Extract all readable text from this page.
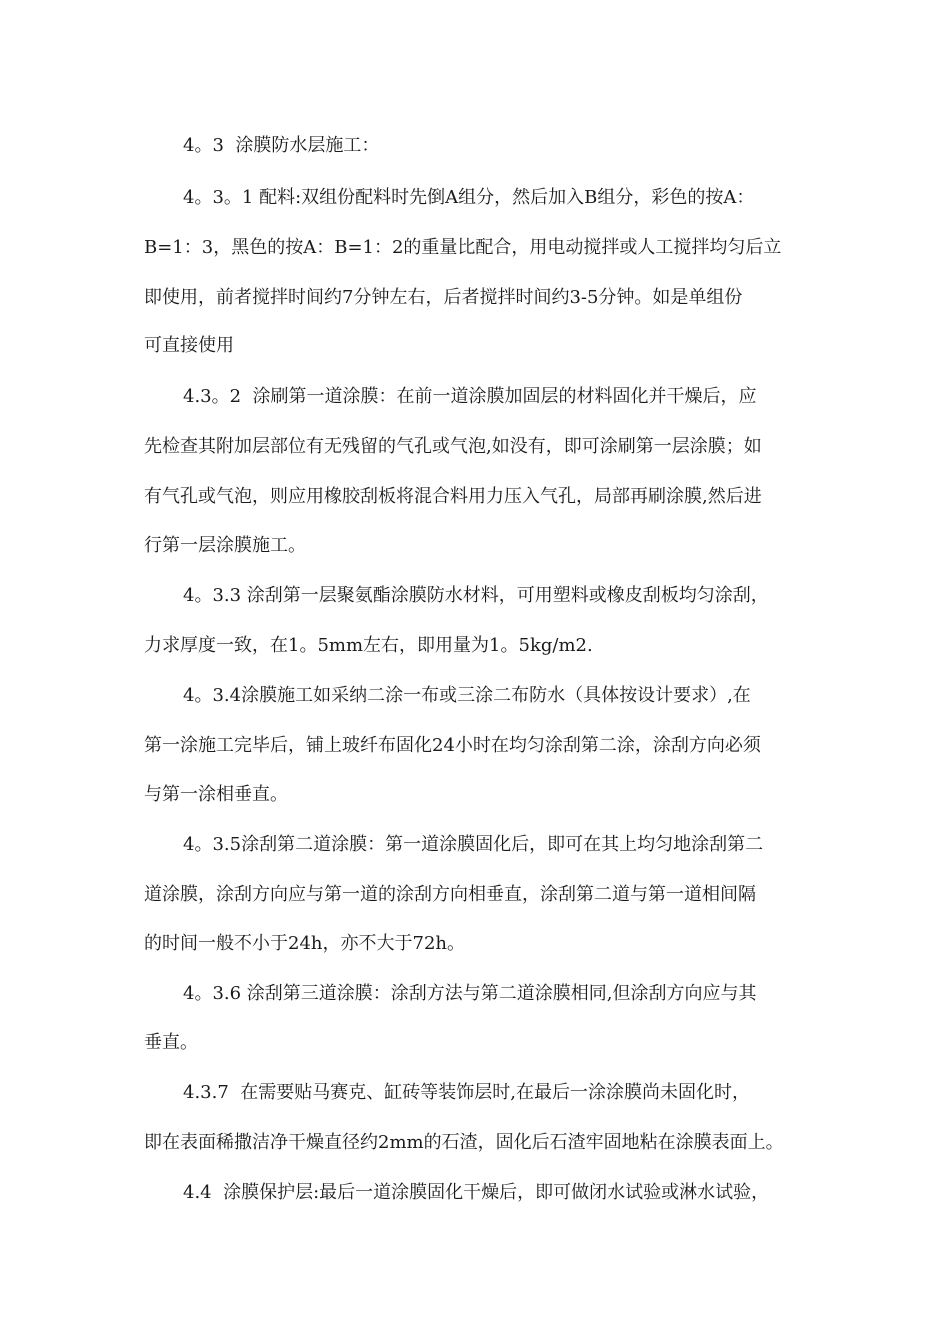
4。3  涂膜防水层施工：
4。3。1 配料:双组份配料时先倒A组分，然后加入B组分，彩色的按A：
B=1：3，黑色的按A：B=1：2的重量比配合，用电动搅拌或人工搅拌均匀后立
即使用，前者搅拌时间约7分钟左右，后者搅拌时间约3-5分钟。如是单组份
可直接使用
4.3。2  涂刷第一道涂膜：在前一道涂膜加固层的材料固化并干燥后，应
先检查其附加层部位有无残留的气孔或气泡,如没有，即可涂刷第一层涂膜；如
有气孔或气泡，则应用橡胶刮板将混合料用力压入气孔，局部再刷涂膜,然后进
行第一层涂膜施工。
4。3.3 涂刮第一层聚氨酯涂膜防水材料，可用塑料或橡皮刮板均匀涂刮，
力求厚度一致，在1。5mm左右，即用量为1。5kg/m2.
4。3.4涂膜施工如采纳二涂一布或三涂二布防水（具体按设计要求）,在
第一涂施工完毕后，铺上玻纤布固化24小时在均匀涂刮第二涂，涂刮方向必须
与第一涂相垂直。
4。3.5涂刮第二道涂膜：第一道涂膜固化后，即可在其上均匀地涂刮第二
道涂膜，涂刮方向应与第一道的涂刮方向相垂直，涂刮第二道与第一道相间隔
的时间一般不小于24h，亦不大于72h。
4。3.6 涂刮第三道涂膜：涂刮方法与第二道涂膜相同,但涂刮方向应与其
垂直。
4.3.7  在需要贴马赛克、缸砖等装饰层时,在最后一涂涂膜尚未固化时，
即在表面稀撒洁净干燥直径约2mm的石渣，固化后石渣牢固地粘在涂膜表面上。
4.4  涂膜保护层:最后一道涂膜固化干燥后，即可做闭水试验或淋水试验，
